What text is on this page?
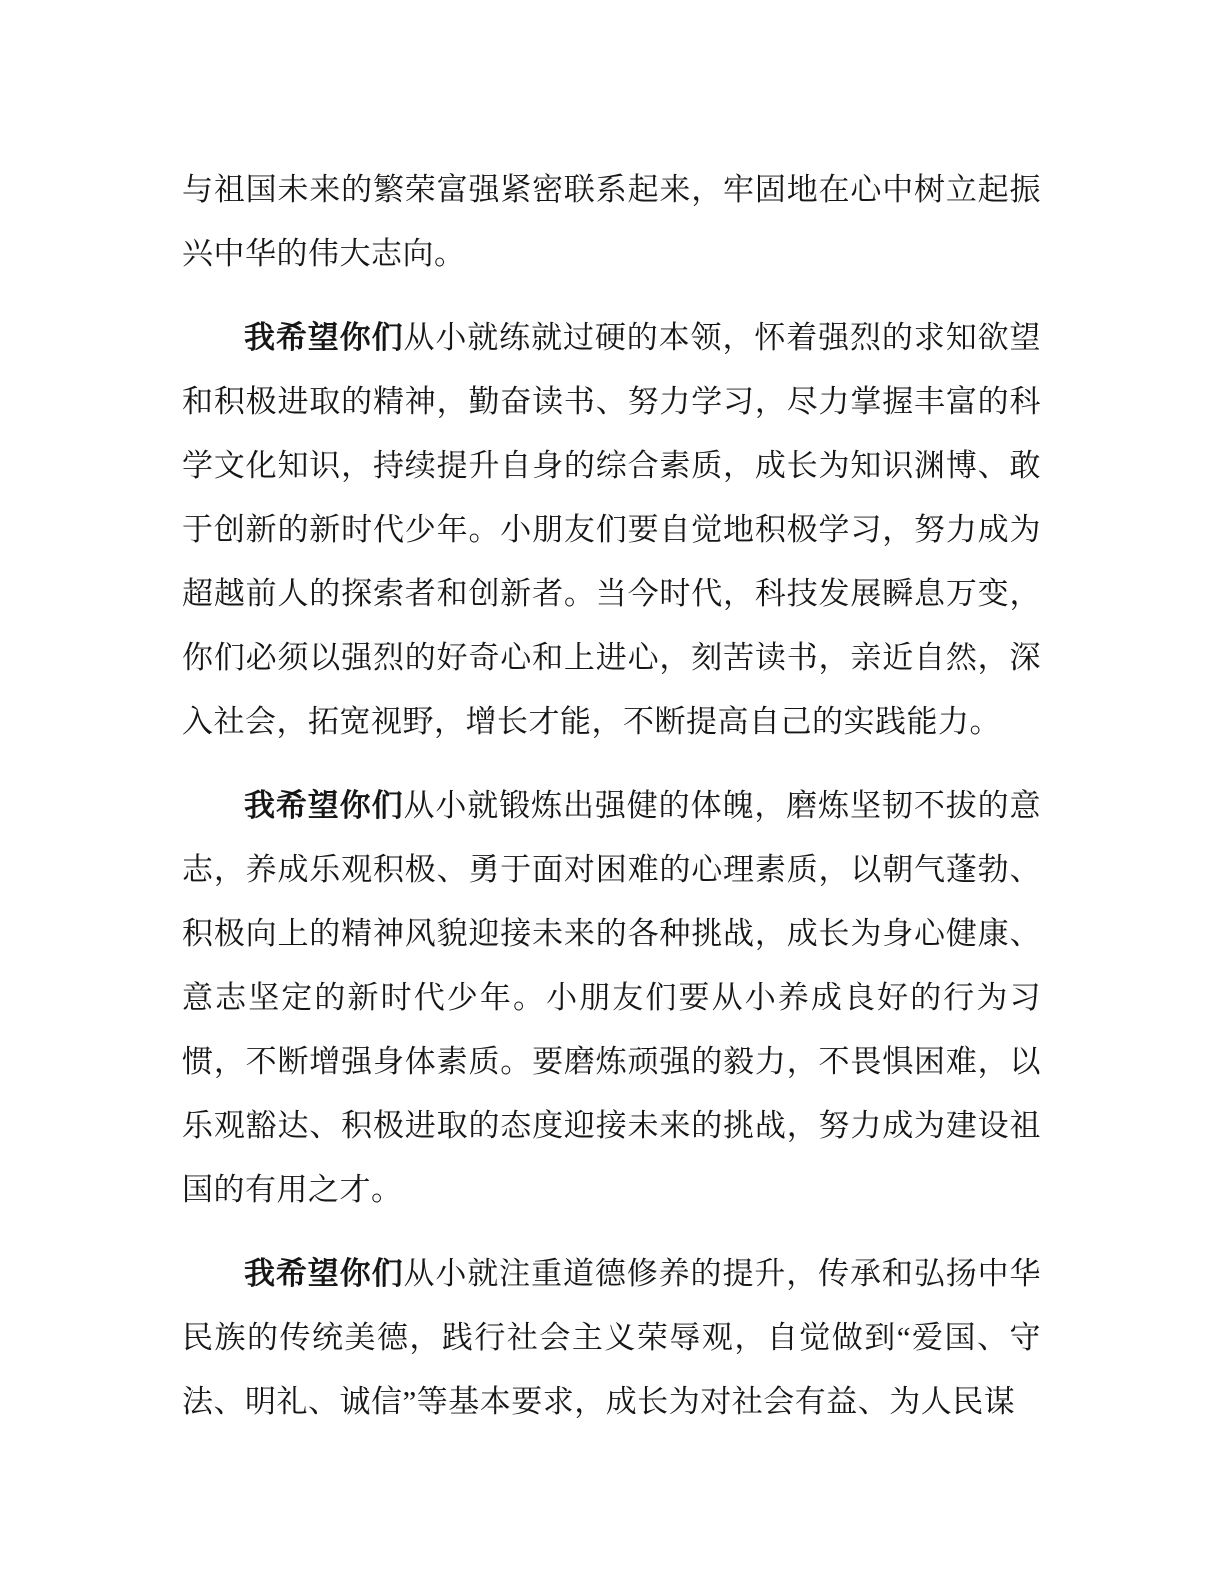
与祖国未来的繁荣富强紧密联系起来，牢固地在心中树立起振兴中华的伟大志向。

我希望你们从小就练就过硬的本领，怀着强烈的求知欲望和积极进取的精神，勤奋读书、努力学习，尽力掌握丰富的科学文化知识，持续提升自身的综合素质，成长为知识渊博、敢于创新的新时代少年。小朋友们要自觉地积极学习，努力成为超越前人的探索者和创新者。当今时代，科技发展瞬息万变，你们必须以强烈的好奇心和上进心，刻苦读书，亲近自然，深入社会，拓宽视野，增长才能，不断提高自己的实践能力。

我希望你们从小就锻炼出强健的体魄，磨炼坚韧不拔的意志，养成乐观积极、勇于面对困难的心理素质，以朝气蓬勃、积极向上的精神风貌迎接未来的各种挑战，成长为身心健康、意志坚定的新时代少年。小朋友们要从小养成良好的行为习惯，不断增强身体素质。要磨炼顽强的毅力，不畏惧困难，以乐观豁达、积极进取的态度迎接未来的挑战，努力成为建设祖国的有用之才。

我希望你们从小就注重道德修养的提升，传承和弘扬中华民族的传统美德，践行社会主义荣辱观，自觉做到“爱国、守法、明礼、诚信”等基本要求，成长为对社会有益、为人民谋
